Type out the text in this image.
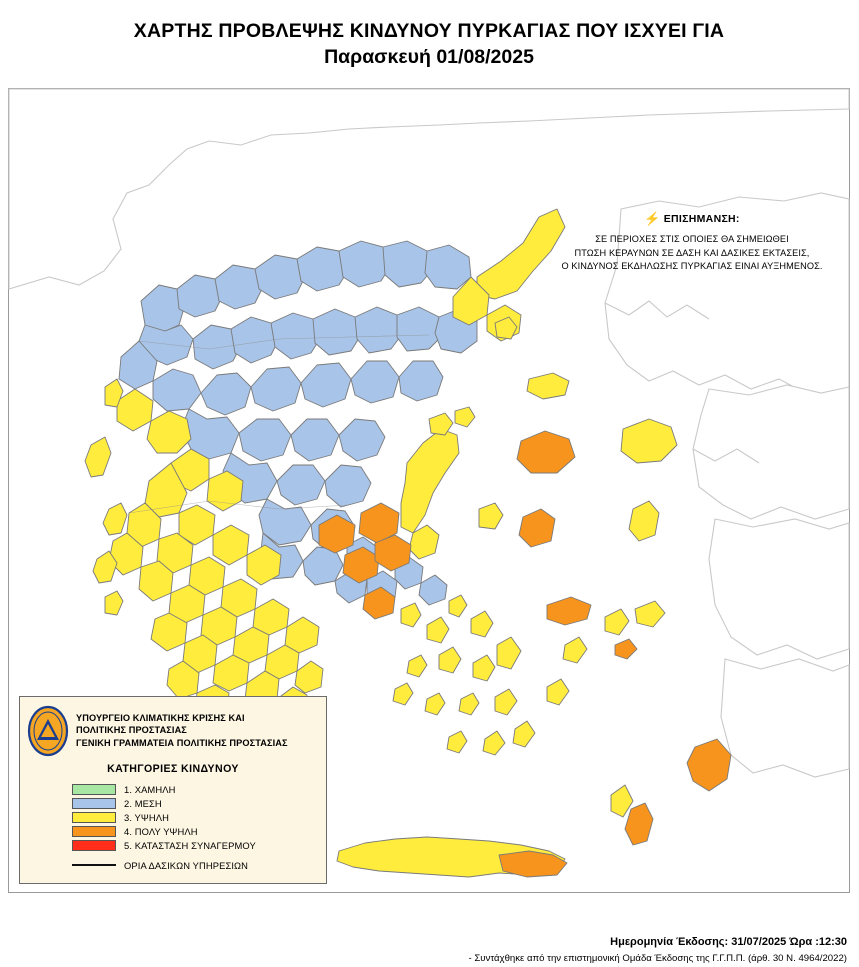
ΧΑΡΤΗΣ ΠΡΟΒΛΕΨΗΣ ΚΙΝΔΥΝΟΥ ΠΥΡΚΑΓΙΑΣ ΠΟΥ ΙΣΧΥΕΙ ΓΙΑ
Παρασκευή 01/08/2025
⚡ ΕΠΙΣΗΜΑΝΣΗ:
ΣΕ ΠΕΡΙΟΧΕΣ ΣΤΙΣ ΟΠΟΙΕΣ ΘΑ ΣΗΜΕΙΩΘΕΙ
ΠΤΩΣΗ ΚΕΡΑΥΝΩΝ ΣΕ ΔΑΣΗ ΚΑΙ ΔΑΣΙΚΕΣ ΕΚΤΑΣΕΙΣ,
Ο ΚΙΝΔΥΝΟΣ ΕΚΔΗΛΩΣΗΣ ΠΥΡΚΑΓΙΑΣ ΕΙΝΑΙ ΑΥΞΗΜΕΝΟΣ.
ΥΠΟΥΡΓΕΙΟ ΚΛΙΜΑΤΙΚΗΣ ΚΡΙΣΗΣ ΚΑΙ
ΠΟΛΙΤΙΚΗΣ ΠΡΟΣΤΑΣΙΑΣ
ΓΕΝΙΚΗ ΓΡΑΜΜΑΤΕΙΑ ΠΟΛΙΤΙΚΗΣ ΠΡΟΣΤΑΣΙΑΣ
ΚΑΤΗΓΟΡΙΕΣ ΚΙΝΔΥΝΟΥ
1. ΧΑΜΗΛΗ
2. ΜΕΣΗ
3. ΥΨΗΛΗ
4. ΠΟΛΥ ΥΨΗΛΗ
5. ΚΑΤΑΣΤΑΣΗ ΣΥΝΑΓΕΡΜΟΥ
ΟΡΙΑ ΔΑΣΙΚΩΝ ΥΠΗΡΕΣΙΩΝ
Ημερομηνία Έκδοσης: 31/07/2025 Ώρα :12:30
- Συντάχθηκε από την επιστημονική Ομάδα Έκδοσης της Γ.Γ.Π.Π. (άρθ. 30 Ν. 4964/2022)
